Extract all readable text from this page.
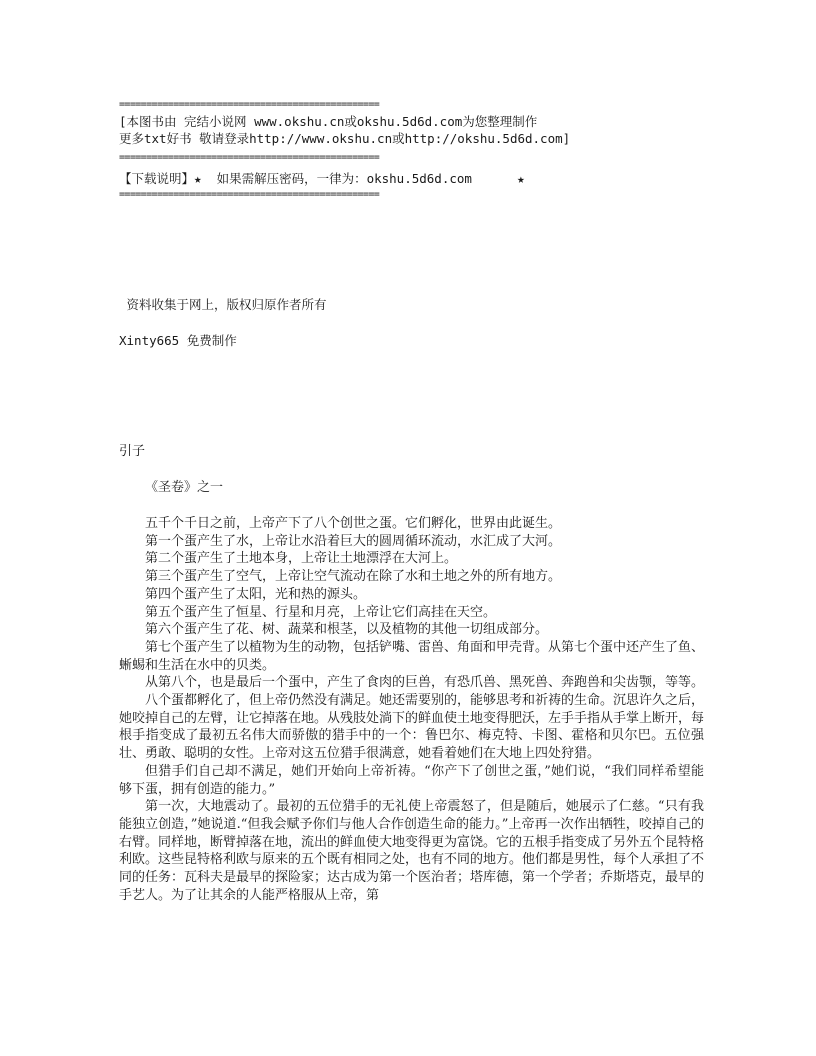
================================================
[本图书由 完结小说网 www.okshu.cn或okshu.5d6d.com为您整理制作
更多txt好书 敬请登录http://www.okshu.cn或http://okshu.5d6d.com]
================================================
【下载说明】★  如果需解压密码，一律为：okshu.5d6d.com      ★
================================================
资料收集于网上，版权归原作者所有
Xinty665 免费制作
引子
《圣卷》之一

五千个千日之前，上帝产下了八个创世之蛋。它们孵化，世界由此诞生。

第一个蛋产生了水，上帝让水沿着巨大的圆周循环流动，水汇成了大河。

第二个蛋产生了土地本身，上帝让土地漂浮在大河上。

第三个蛋产生了空气，上帝让空气流动在除了水和土地之外的所有地方。

第四个蛋产生了太阳，光和热的源头。

第五个蛋产生了恒星、行星和月亮，上帝让它们高挂在天空。

第六个蛋产生了花、树、蔬菜和根茎，以及植物的其他一切组成部分。

第七个蛋产生了以植物为生的动物，包括铲嘴、雷兽、角面和甲壳背。从第七个蛋中还产生了鱼、蜥蜴和生活在水中的贝类。

从第八个，也是最后一个蛋中，产生了食肉的巨兽，有恐爪兽、黑死兽、奔跑兽和尖齿颚，等等。

八个蛋都孵化了，但上帝仍然没有满足。她还需要别的，能够思考和祈祷的生命。沉思许久之后，她咬掉自己的左臂，让它掉落在地。从残肢处淌下的鲜血使土地变得肥沃，左手手指从手掌上断开，每根手指变成了最初五名伟大而骄傲的猎手中的一个：鲁巴尔、梅克特、卡图、霍格和贝尔巴。五位强壮、勇敢、聪明的女性。上帝对这五位猎手很满意，她看着她们在大地上四处狩猎。

但猎手们自己却不满足，她们开始向上帝祈祷。“你产下了创世之蛋，”她们说，“我们同样希望能够下蛋，拥有创造的能力。”

第一次，大地震动了。最初的五位猎手的无礼使上帝震怒了，但是随后，她展示了仁慈。“只有我能独立创造，”她说道.“但我会赋予你们与他人合作创造生命的能力。”上帝再一次作出牺牲，咬掉自己的右臂。同样地，断臂掉落在地，流出的鲜血使大地变得更为富饶。它的五根手指变成了另外五个昆特格利欧。这些昆特格利欧与原来的五个既有相同之处，也有不同的地方。他们都是男性，每个人承担了不同的任务：瓦科夫是最早的探险家；达古成为第一个医治者；塔库德，第一个学者；乔斯塔克，最早的手艺人。为了让其余的人能严格服从上帝，第
